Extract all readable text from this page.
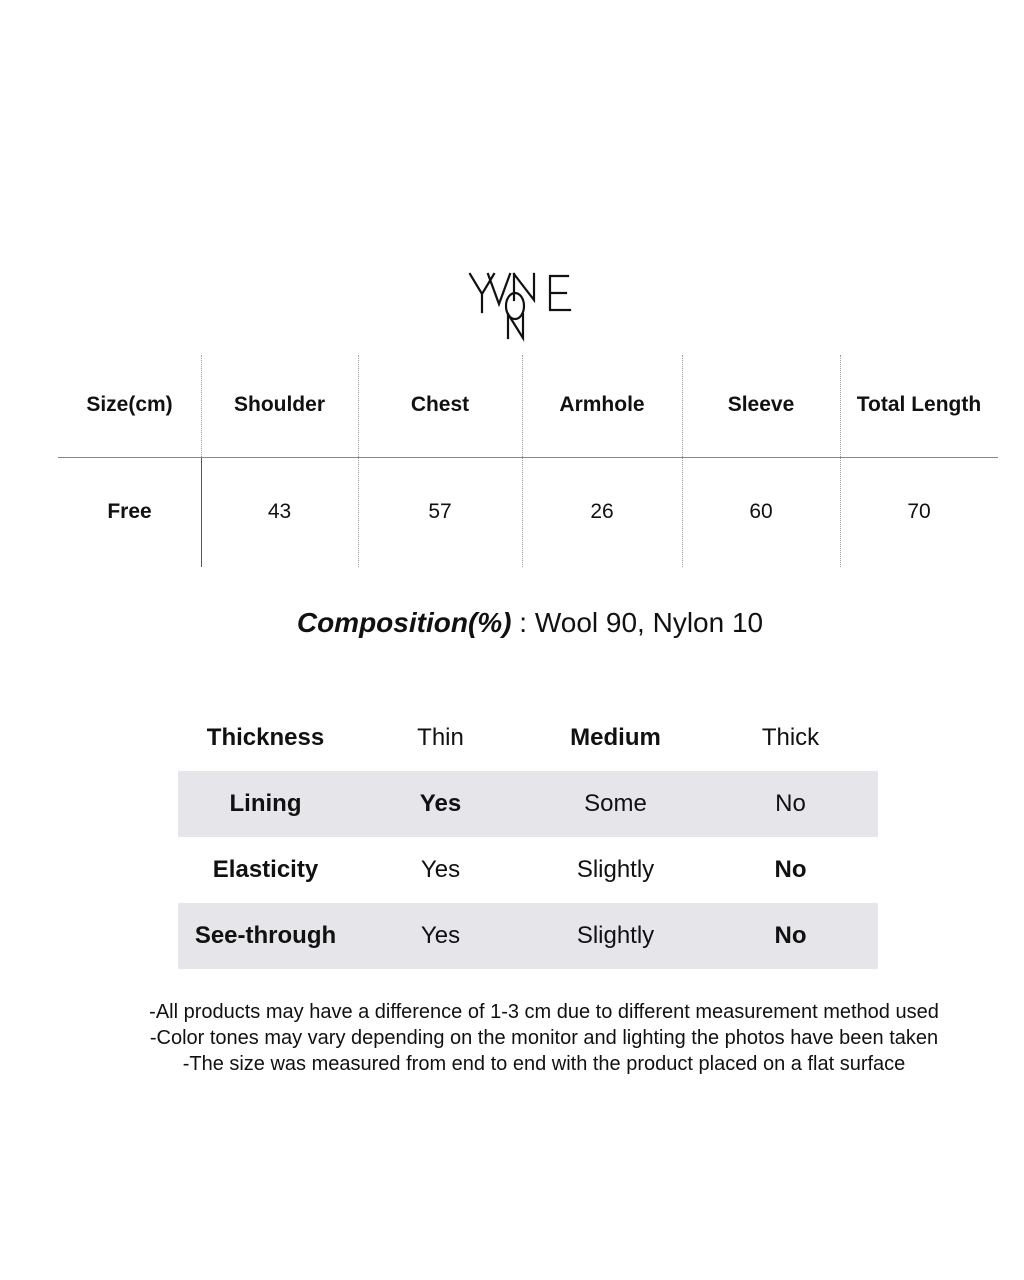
Size(cm)	Shoulder	Chest	Armhole	Sleeve	Total Length
Free	43	57	26	60	70
Composition(%) : Wool 90, Nylon 10
Thickness	Thin	Medium	Thick
Lining	Yes	Some	No
Elasticity	Yes	Slightly	No
See-through	Yes	Slightly	No
-All products may have a difference of 1-3 cm due to different measurement method used
-Color tones may vary depending on the monitor and lighting the photos have been taken
-The size was measured from end to end with the product placed on a flat surface
